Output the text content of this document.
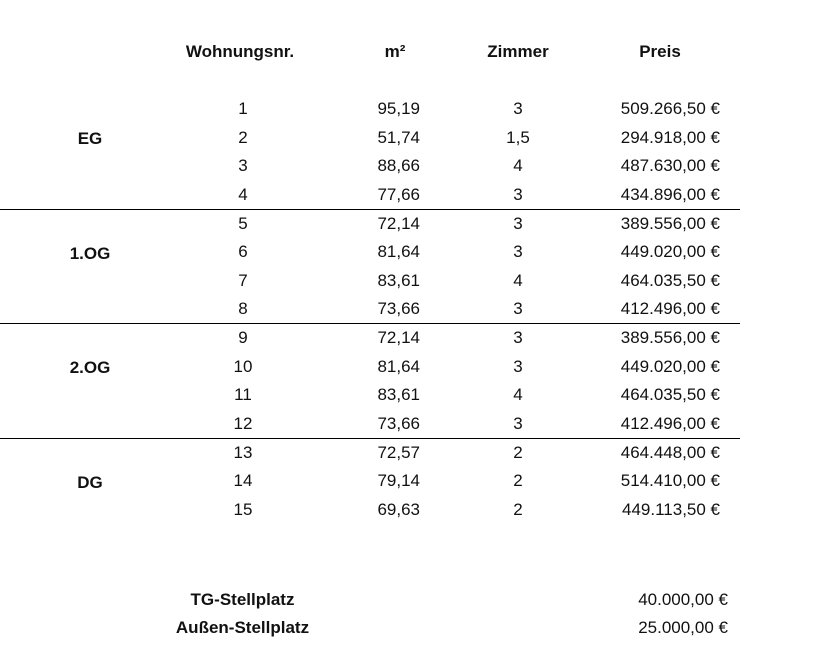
Wohnungsnr.	m²	Zimmer	Preis
EG
1	95,19	3	509.266,50 €
2	51,74	1,5	294.918,00 €
3	88,66	4	487.630,00 €
4	77,66	3	434.896,00 €
1.OG
5	72,14	3	389.556,00 €
6	81,64	3	449.020,00 €
7	83,61	4	464.035,50 €
8	73,66	3	412.496,00 €
2.OG
9	72,14	3	389.556,00 €
10	81,64	3	449.020,00 €
11	83,61	4	464.035,50 €
12	73,66	3	412.496,00 €
DG
13	72,57	2	464.448,00 €
14	79,14	2	514.410,00 €
15	69,63	2	449.113,50 €
TG-Stellplatz	40.000,00 €
Außen-Stellplatz	25.000,00 €
